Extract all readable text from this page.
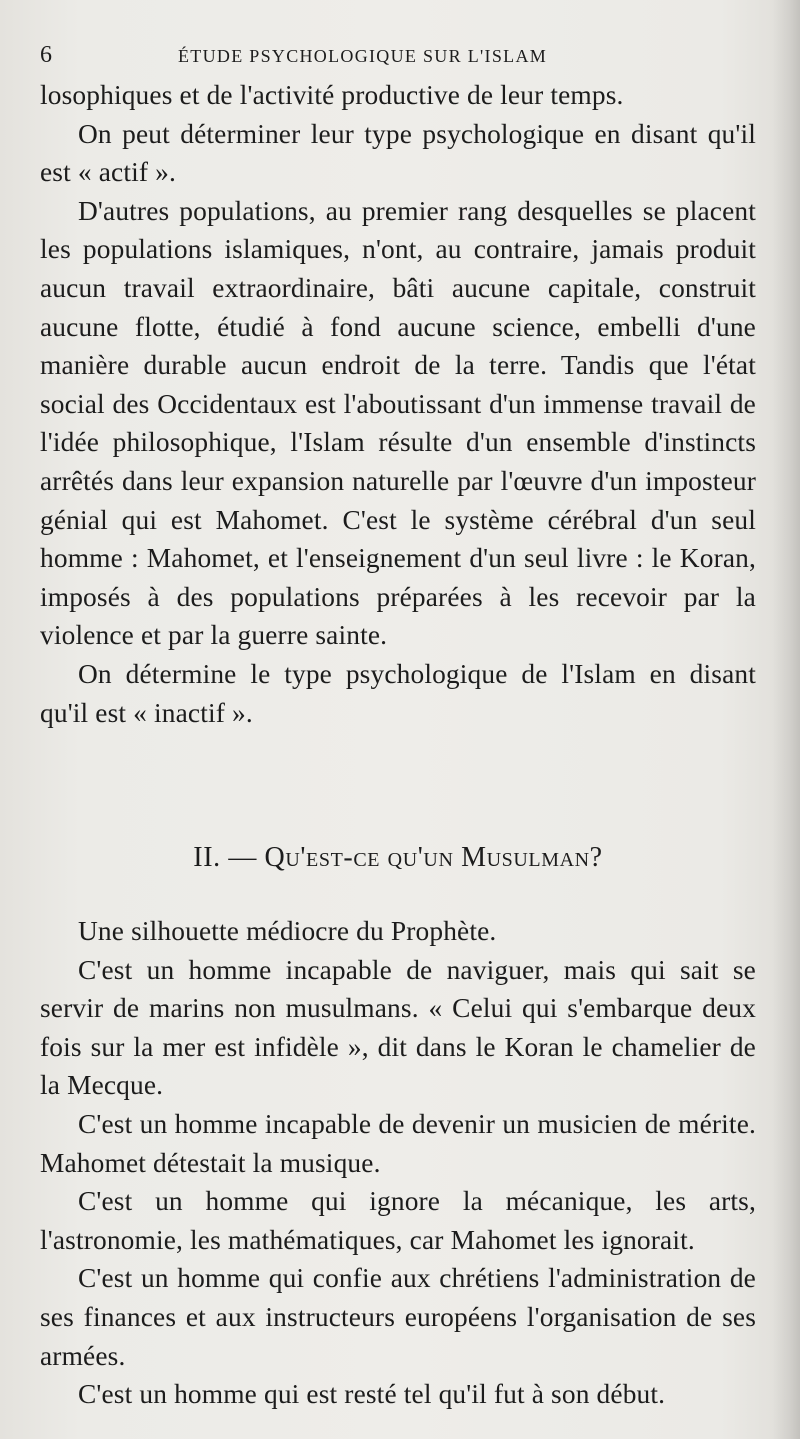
6	ÉTUDE PSYCHOLOGIQUE SUR L'ISLAM

losophiques et de l'activité productive de leur temps.

On peut déterminer leur type psychologique en disant qu'il est « actif ».

D'autres populations, au premier rang desquelles se placent les populations islamiques, n'ont, au contraire, jamais produit aucun travail extraordinaire, bâti aucune capitale, construit aucune flotte, étudié à fond aucune science, embelli d'une manière durable aucun endroit de la terre. Tandis que l'état social des Occidentaux est l'aboutissant d'un immense travail de l'idée philosophique, l'Islam résulte d'un ensemble d'instincts arrêtés dans leur expansion naturelle par l'œuvre d'un imposteur génial qui est Mahomet. C'est le système cérébral d'un seul homme : Mahomet, et l'enseignement d'un seul livre : le Koran, imposés à des populations préparées à les recevoir par la violence et par la guerre sainte.

On détermine le type psychologique de l'Islam en disant qu'il est « inactif ».

II. — Qu'est-ce qu'un Musulman?

Une silhouette médiocre du Prophète.

C'est un homme incapable de naviguer, mais qui sait se servir de marins non musulmans. « Celui qui s'embarque deux fois sur la mer est infidèle », dit dans le Koran le chamelier de la Mecque.

C'est un homme incapable de devenir un musicien de mérite. Mahomet détestait la musique.

C'est un homme qui ignore la mécanique, les arts, l'astronomie, les mathématiques, car Mahomet les ignorait.

C'est un homme qui confie aux chrétiens l'administration de ses finances et aux instructeurs européens l'organisation de ses armées.

C'est un homme qui est resté tel qu'il fut à son début.
